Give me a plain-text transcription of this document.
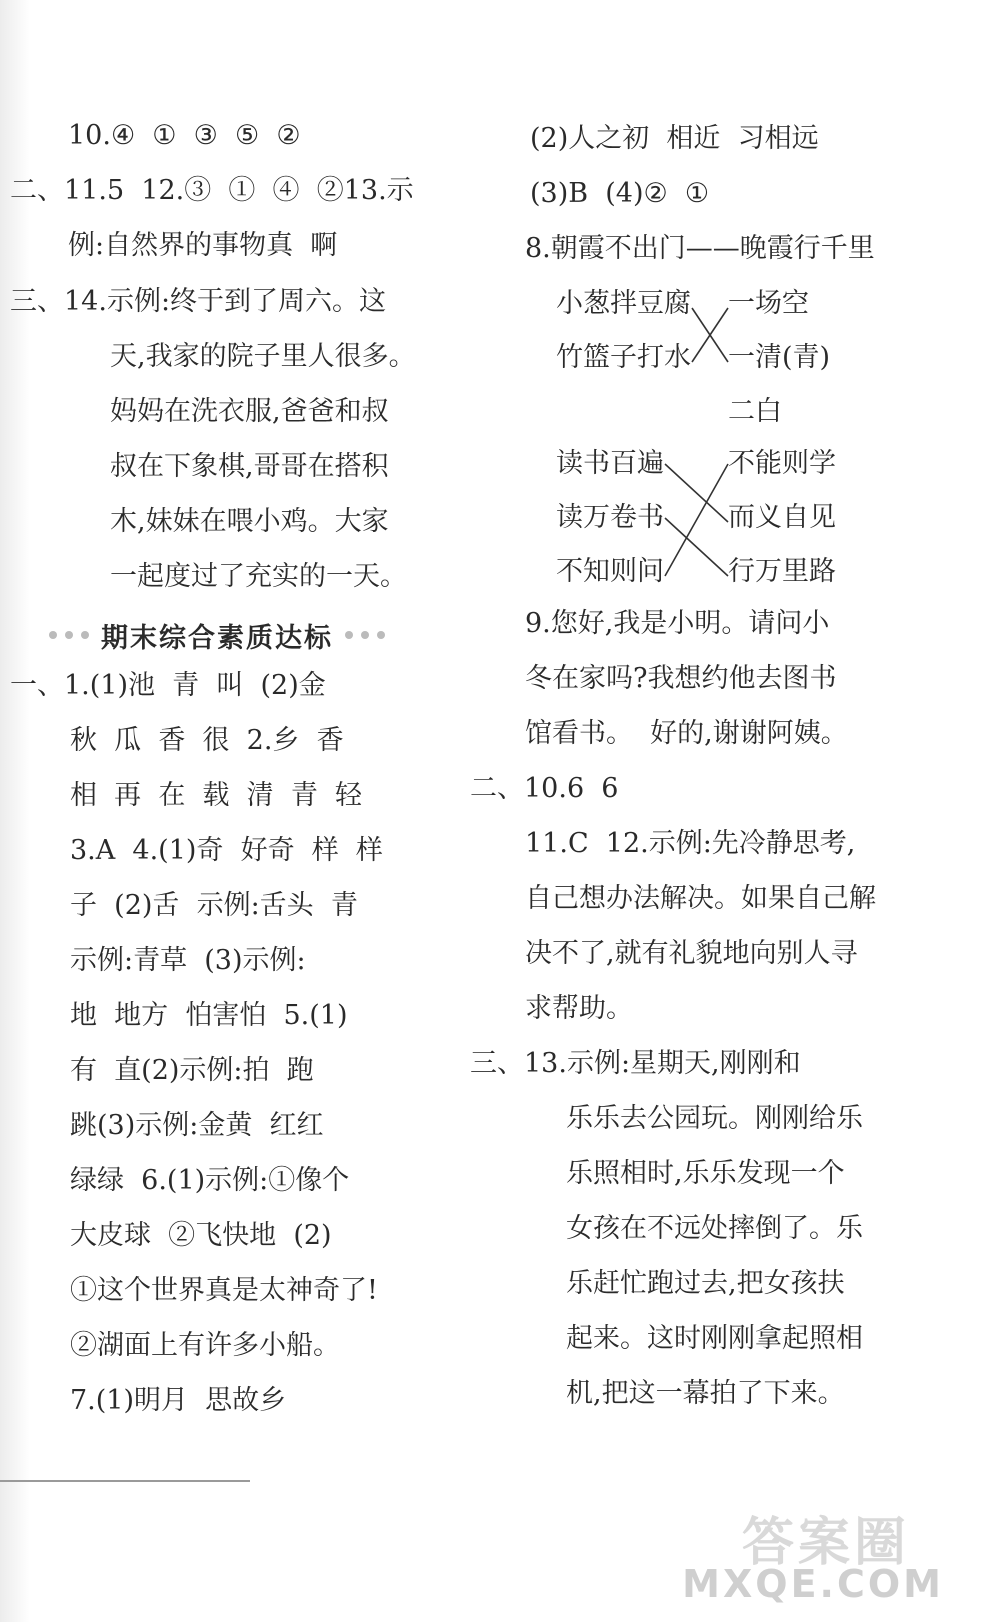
10.④  ①  ③  ⑤  ②
二、11.5  12.③  ①  ④  ②13.示
例:自然界的事物真  啊
三、14.示例:终于到了周六。这
天,我家的院子里人很多。
妈妈在洗衣服,爸爸和叔
叔在下象棋,哥哥在搭积
木,妹妹在喂小鸡。大家
一起度过了充实的一天。
期末综合素质达标
一、1.(1)池  青  叫  (2)金
秋  瓜  香  很  2.乡  香
相  再  在  载  清  青  轻
3.A  4.(1)奇  好奇  样  样
子  (2)舌  示例:舌头  青
示例:青草  (3)示例:
地  地方  怕害怕  5.(1)
有  直(2)示例:拍  跑
跳(3)示例:金黄  红红
绿绿  6.(1)示例:①像个
大皮球  ②飞快地  (2)
①这个世界真是太神奇了!
②湖面上有许多小船。
7.(1)明月  思故乡
(2)人之初  相近  习相远
(3)B  (4)②  ①
8.朝霞不出门——晚霞行千里
小葱拌豆腐
竹篮子打水
一场空
一清(青)
二白
读书百遍
读万卷书
不知则问
不能则学
而义自见
行万里路
9.您好,我是小明。请问小
冬在家吗?我想约他去图书
馆看书。  好的,谢谢阿姨。
二、10.6  6
11.C  12.示例:先冷静思考,
自己想办法解决。如果自己解
决不了,就有礼貌地向别人寻
求帮助。
三、13.示例:星期天,刚刚和
乐乐去公园玩。刚刚给乐
乐照相时,乐乐发现一个
女孩在不远处摔倒了。乐
乐赶忙跑过去,把女孩扶
起来。这时刚刚拿起照相
机,把这一幕拍了下来。
答案圈
MXQE.COM
